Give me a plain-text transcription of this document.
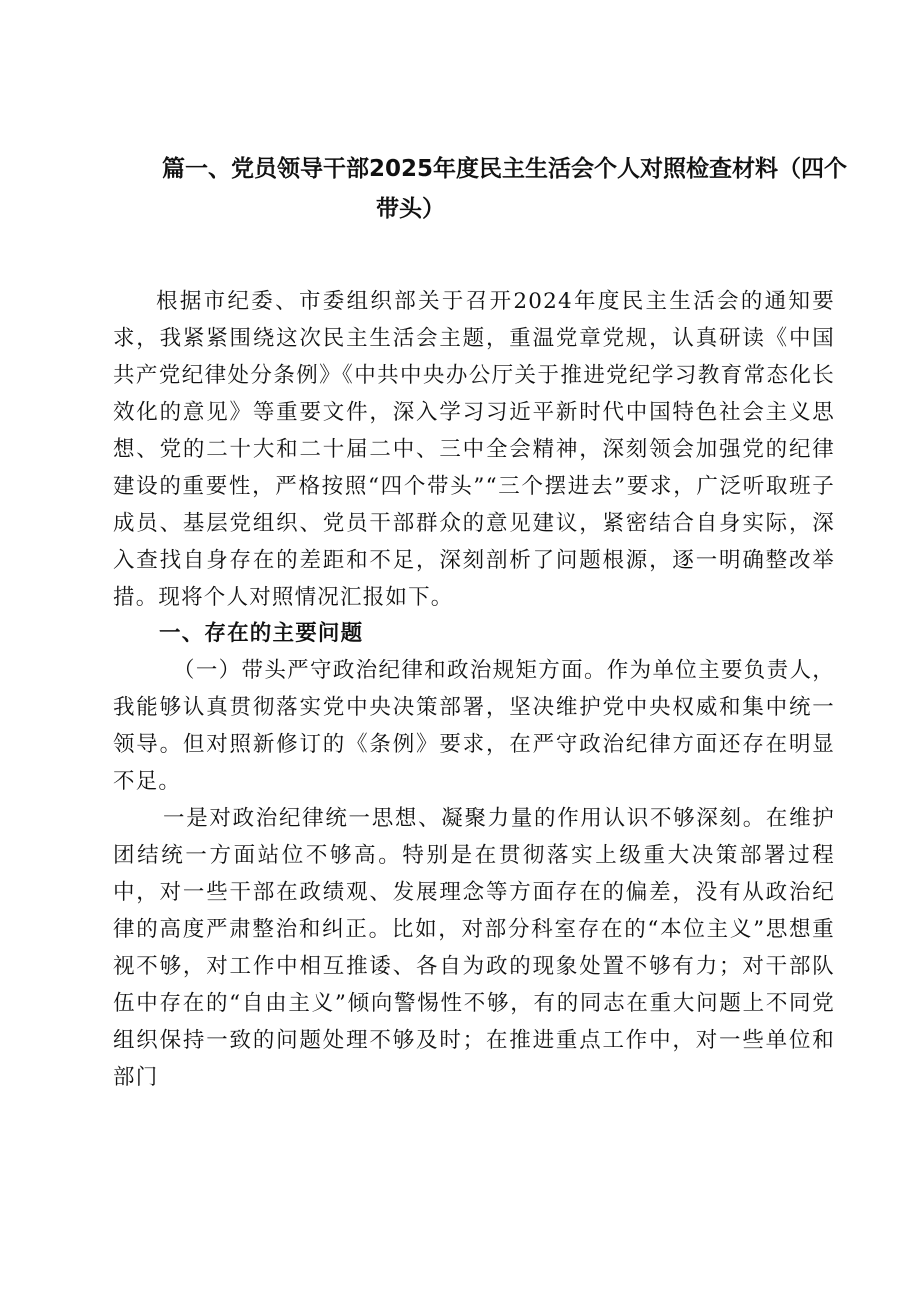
篇一、党员领导干部2025年度民主生活会个人对照检查材料（四个
带头）

根据市纪委、市委组织部关于召开2024年度民主生活会的通知要求，我紧紧围绕这次民主生活会主题，重温党章党规，认真研读《中国共产党纪律处分条例》《中共中央办公厅关于推进党纪学习教育常态化长效化的意见》等重要文件，深入学习习近平新时代中国特色社会主义思想、党的二十大和二十届二中、三中全会精神，深刻领会加强党的纪律建设的重要性，严格按照“四个带头”“三个摆进去”要求，广泛听取班子成员、基层党组织、党员干部群众的意见建议，紧密结合自身实际，深入查找自身存在的差距和不足，深刻剖析了问题根源，逐一明确整改举措。现将个人对照情况汇报如下。

一、存在的主要问题

（一）带头严守政治纪律和政治规矩方面。作为单位主要负责人，我能够认真贯彻落实党中央决策部署，坚决维护党中央权威和集中统一领导。但对照新修订的《条例》要求，在严守政治纪律方面还存在明显不足。

一是对政治纪律统一思想、凝聚力量的作用认识不够深刻。在维护团结统一方面站位不够高。特别是在贯彻落实上级重大决策部署过程中，对一些干部在政绩观、发展理念等方面存在的偏差，没有从政治纪律的高度严肃整治和纠正。比如，对部分科室存在的“本位主义”思想重视不够，对工作中相互推诿、各自为政的现象处置不够有力；对干部队伍中存在的“自由主义”倾向警惕性不够，有的同志在重大问题上不同党组织保持一致的问题处理不够及时；在推进重点工作中，对一些单位和部门
